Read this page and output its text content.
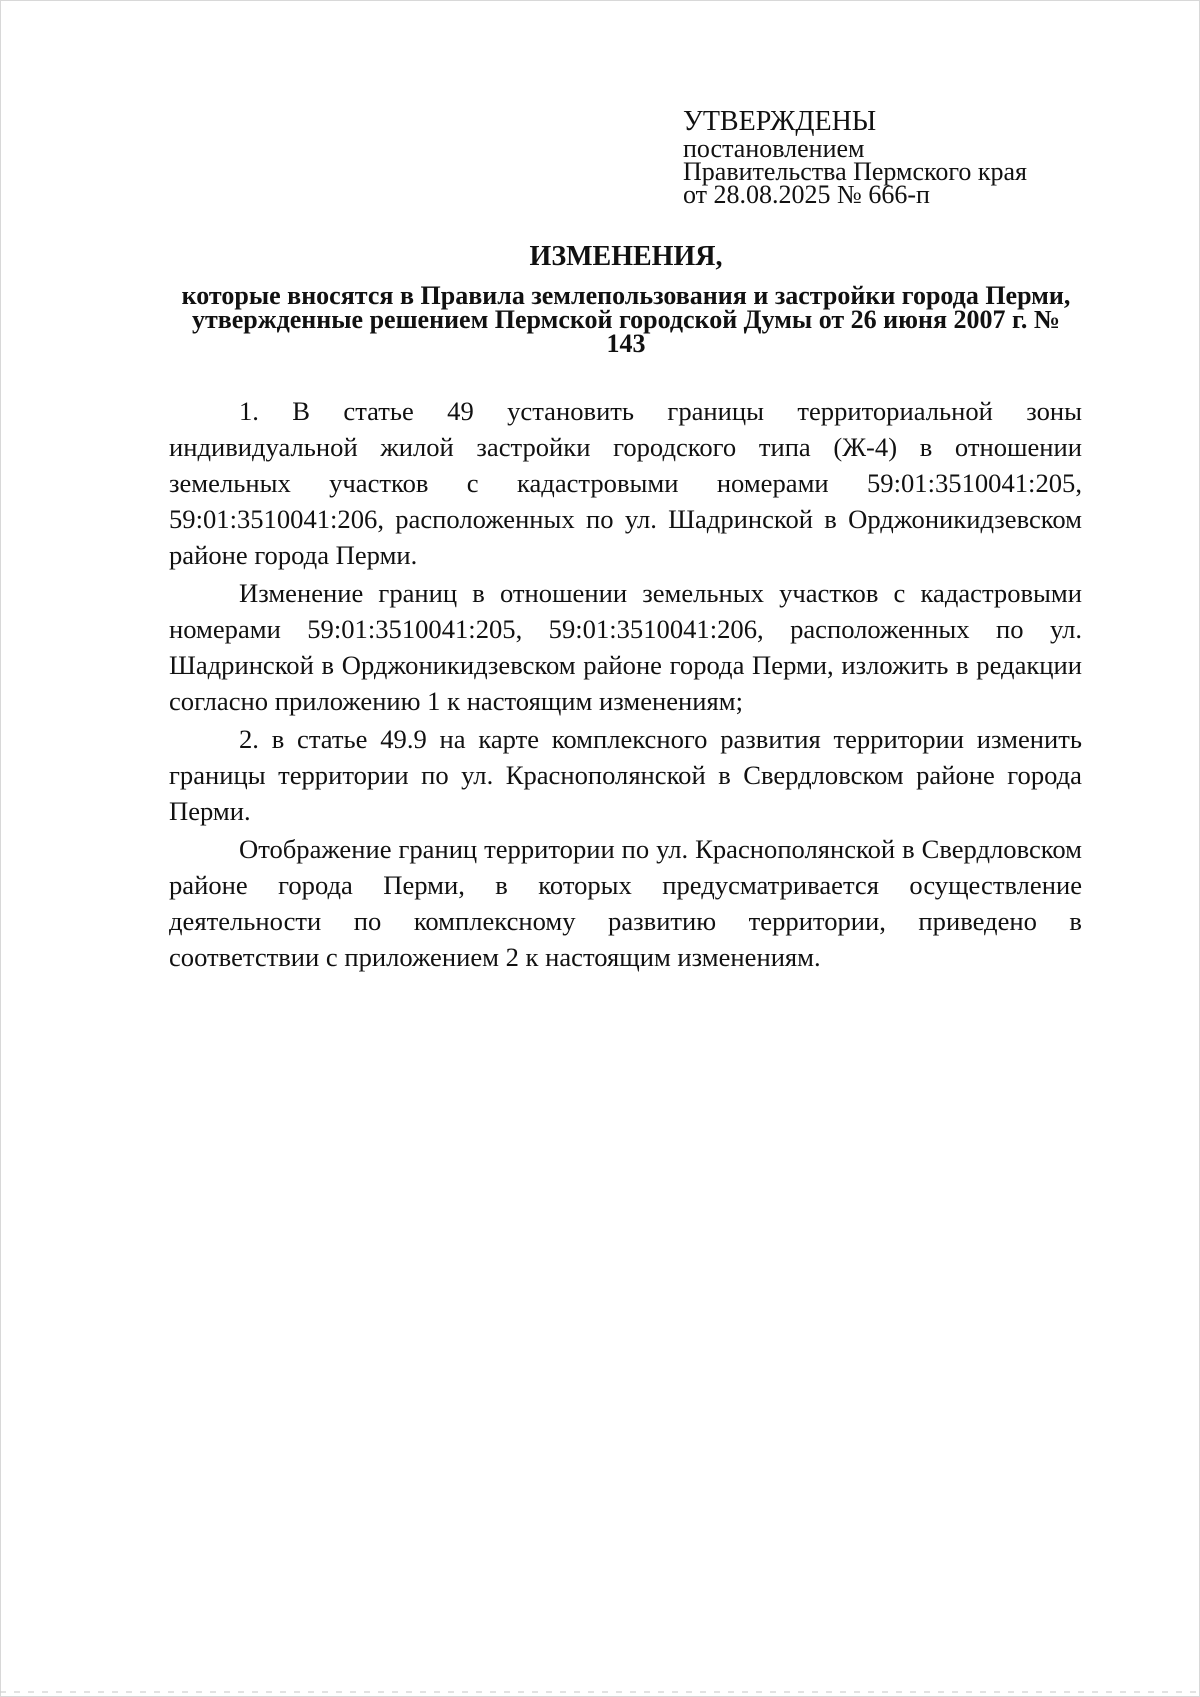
УТВЕРЖДЕНЫ
постановлением
Правительства Пермского края
от 28.08.2025 № 666-п
ИЗМЕНЕНИЯ,
которые вносятся в Правила землепользования и застройки города Перми, утвержденные решением Пермской городской Думы от 26 июня 2007 г. № 143

1. В статье 49 установить границы территориальной зоны индивидуальной жилой застройки городского типа (Ж-4) в отношении земельных участков с кадастровыми номерами 59:01:3510041:205, 59:01:3510041:206, расположенных по ул. Шадринской в Орджоникидзевском районе города Перми.

Изменение границ в отношении земельных участков с кадастровыми номерами 59:01:3510041:205, 59:01:3510041:206, расположенных по ул. Шадринской в Орджоникидзевском районе города Перми, изложить в редакции согласно приложению 1 к настоящим изменениям;

2. в статье 49.9 на карте комплексного развития территории изменить границы территории по ул. Краснополянской в Свердловском районе города Перми.

Отображение границ территории по ул. Краснополянской в Свердловском районе города Перми, в которых предусматривается осуществление деятельности по комплексному развитию территории, приведено в соответствии с приложением 2 к настоящим изменениям.
